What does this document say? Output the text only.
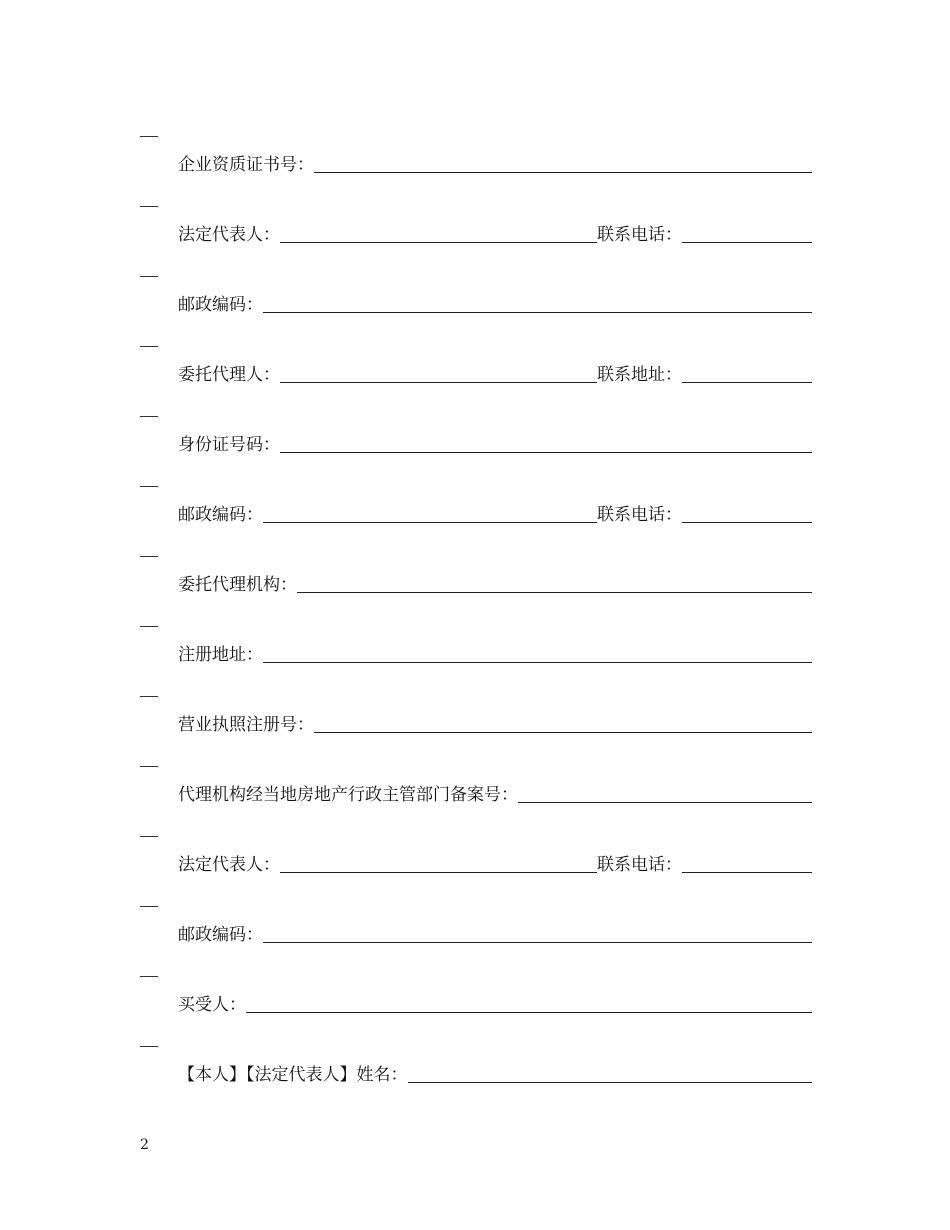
企业资质证书号：
法定代表人：	联系电话：
邮政编码：
委托代理人：	联系地址：
身份证号码：
邮政编码：	联系电话：
委托代理机构：
注册地址：
营业执照注册号：
代理机构经当地房地产行政主管部门备案号：
法定代表人：	联系电话：
邮政编码：
买受人：
【本人】【法定代表人】姓名：
2
